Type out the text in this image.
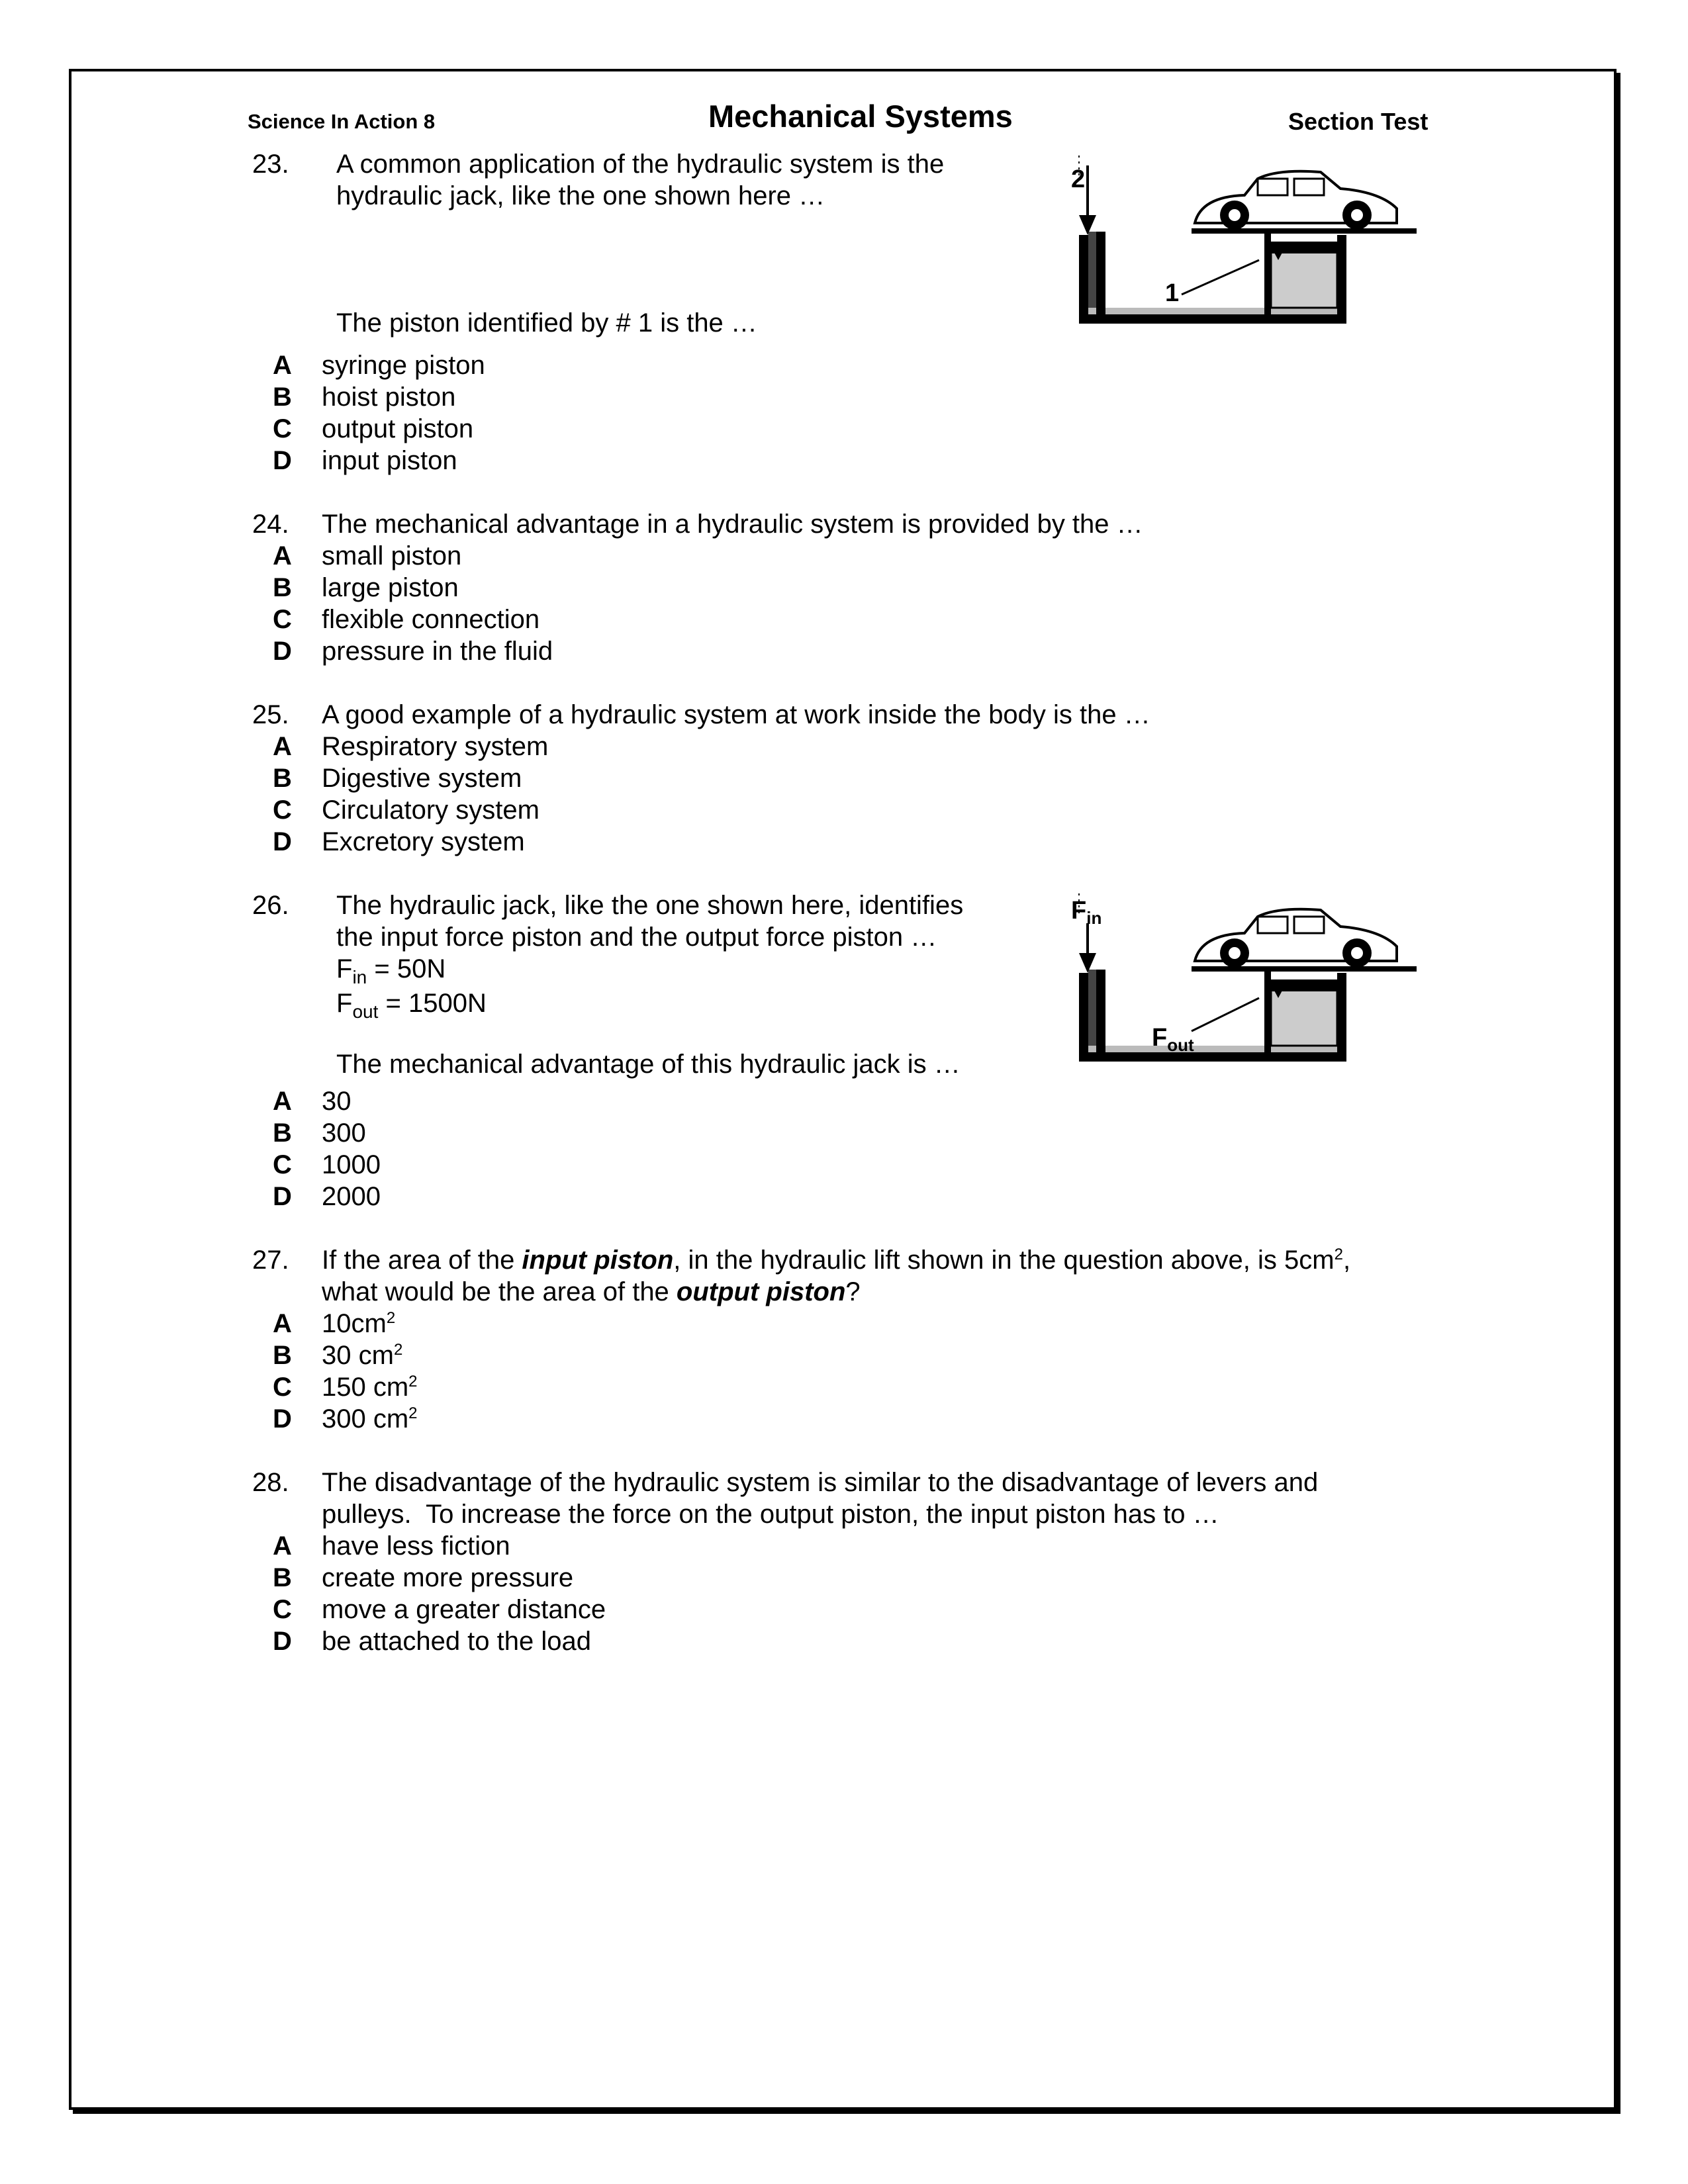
Science In Action 8	Mechanical Systems	Section Test
23. A common application of the hydraulic system is the
hydraulic jack, like the one shown here …
The piston identified by # 1 is the …
2
1
A syringe piston
B hoist piston
C output piston
D input piston
24. The mechanical advantage in a hydraulic system is provided by the …
A small piston
B large piston
C flexible connection
D pressure in the fluid
25. A good example of a hydraulic system at work inside the body is the …
A Respiratory system
B Digestive system
C Circulatory system
D Excretory system
26. The hydraulic jack, like the one shown here, identifies
the input force piston and the output force piston …
$F_{in} = 50N$
$F_{out} = 1500N$
The mechanical advantage of this hydraulic jack is …
$F_{in}$
$F_{out}$
A 30
B 300
C 1000
D 2000
27. If the area of the input piston, in the hydraulic lift shown in the question above, is $5cm^2$,
what would be the area of the output piston?
A $10cm^2$
B 30 $cm^2$
C 150 $cm^2$
D 300 $cm^2$
28. The disadvantage of the hydraulic system is similar to the disadvantage of levers and
pulleys.  To increase the force on the output piston, the input piston has to …
A have less fiction
B create more pressure
C move a greater distance
D be attached to the load
